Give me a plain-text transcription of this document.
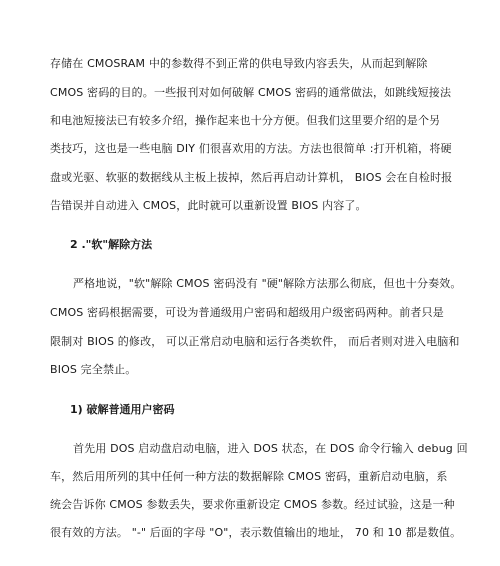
存储在 CMOSRAM 中的参数得不到正常的供电导致内容丢失，从而起到解除
CMOS 密码的目的。一些报刊对如何破解 CMOS 密码的通常做法，如跳线短接法
和电池短接法已有较多介绍，操作起来也十分方便。但我们这里要介绍的是个另
类技巧，这也是一些电脑 DIY 们很喜欢用的方法。方法也很简单 :打开机箱，将硬
盘或光驱、软驱的数据线从主板上拔掉，然后再启动计算机， BIOS 会在自检时报
告错误并自动进入 CMOS，此时就可以重新设置 BIOS 内容了。
2 ."软"解除方法
严格地说，"软"解除 CMOS 密码没有 "硬"解除方法那么彻底，但也十分奏效。
CMOS 密码根据需要，可设为普通级用户密码和超级用户级密码两种。前者只是
限制对 BIOS 的修改， 可以正常启动电脑和运行各类软件， 而后者则对进入电脑和
BIOS 完全禁止。
1) 破解普通用户密码
首先用 DOS 启动盘启动电脑，进入 DOS 状态，在 DOS 命令行输入 debug 回
车，然后用所列的其中任何一种方法的数据解除 CMOS 密码，重新启动电脑，系
统会告诉你 CMOS 参数丢失，要求你重新设定 CMOS 参数。经过试验，这是一种
很有效的方法。 "-" 后面的字母 "O"，表示数值输出的地址， 70 和 10 都是数值。
